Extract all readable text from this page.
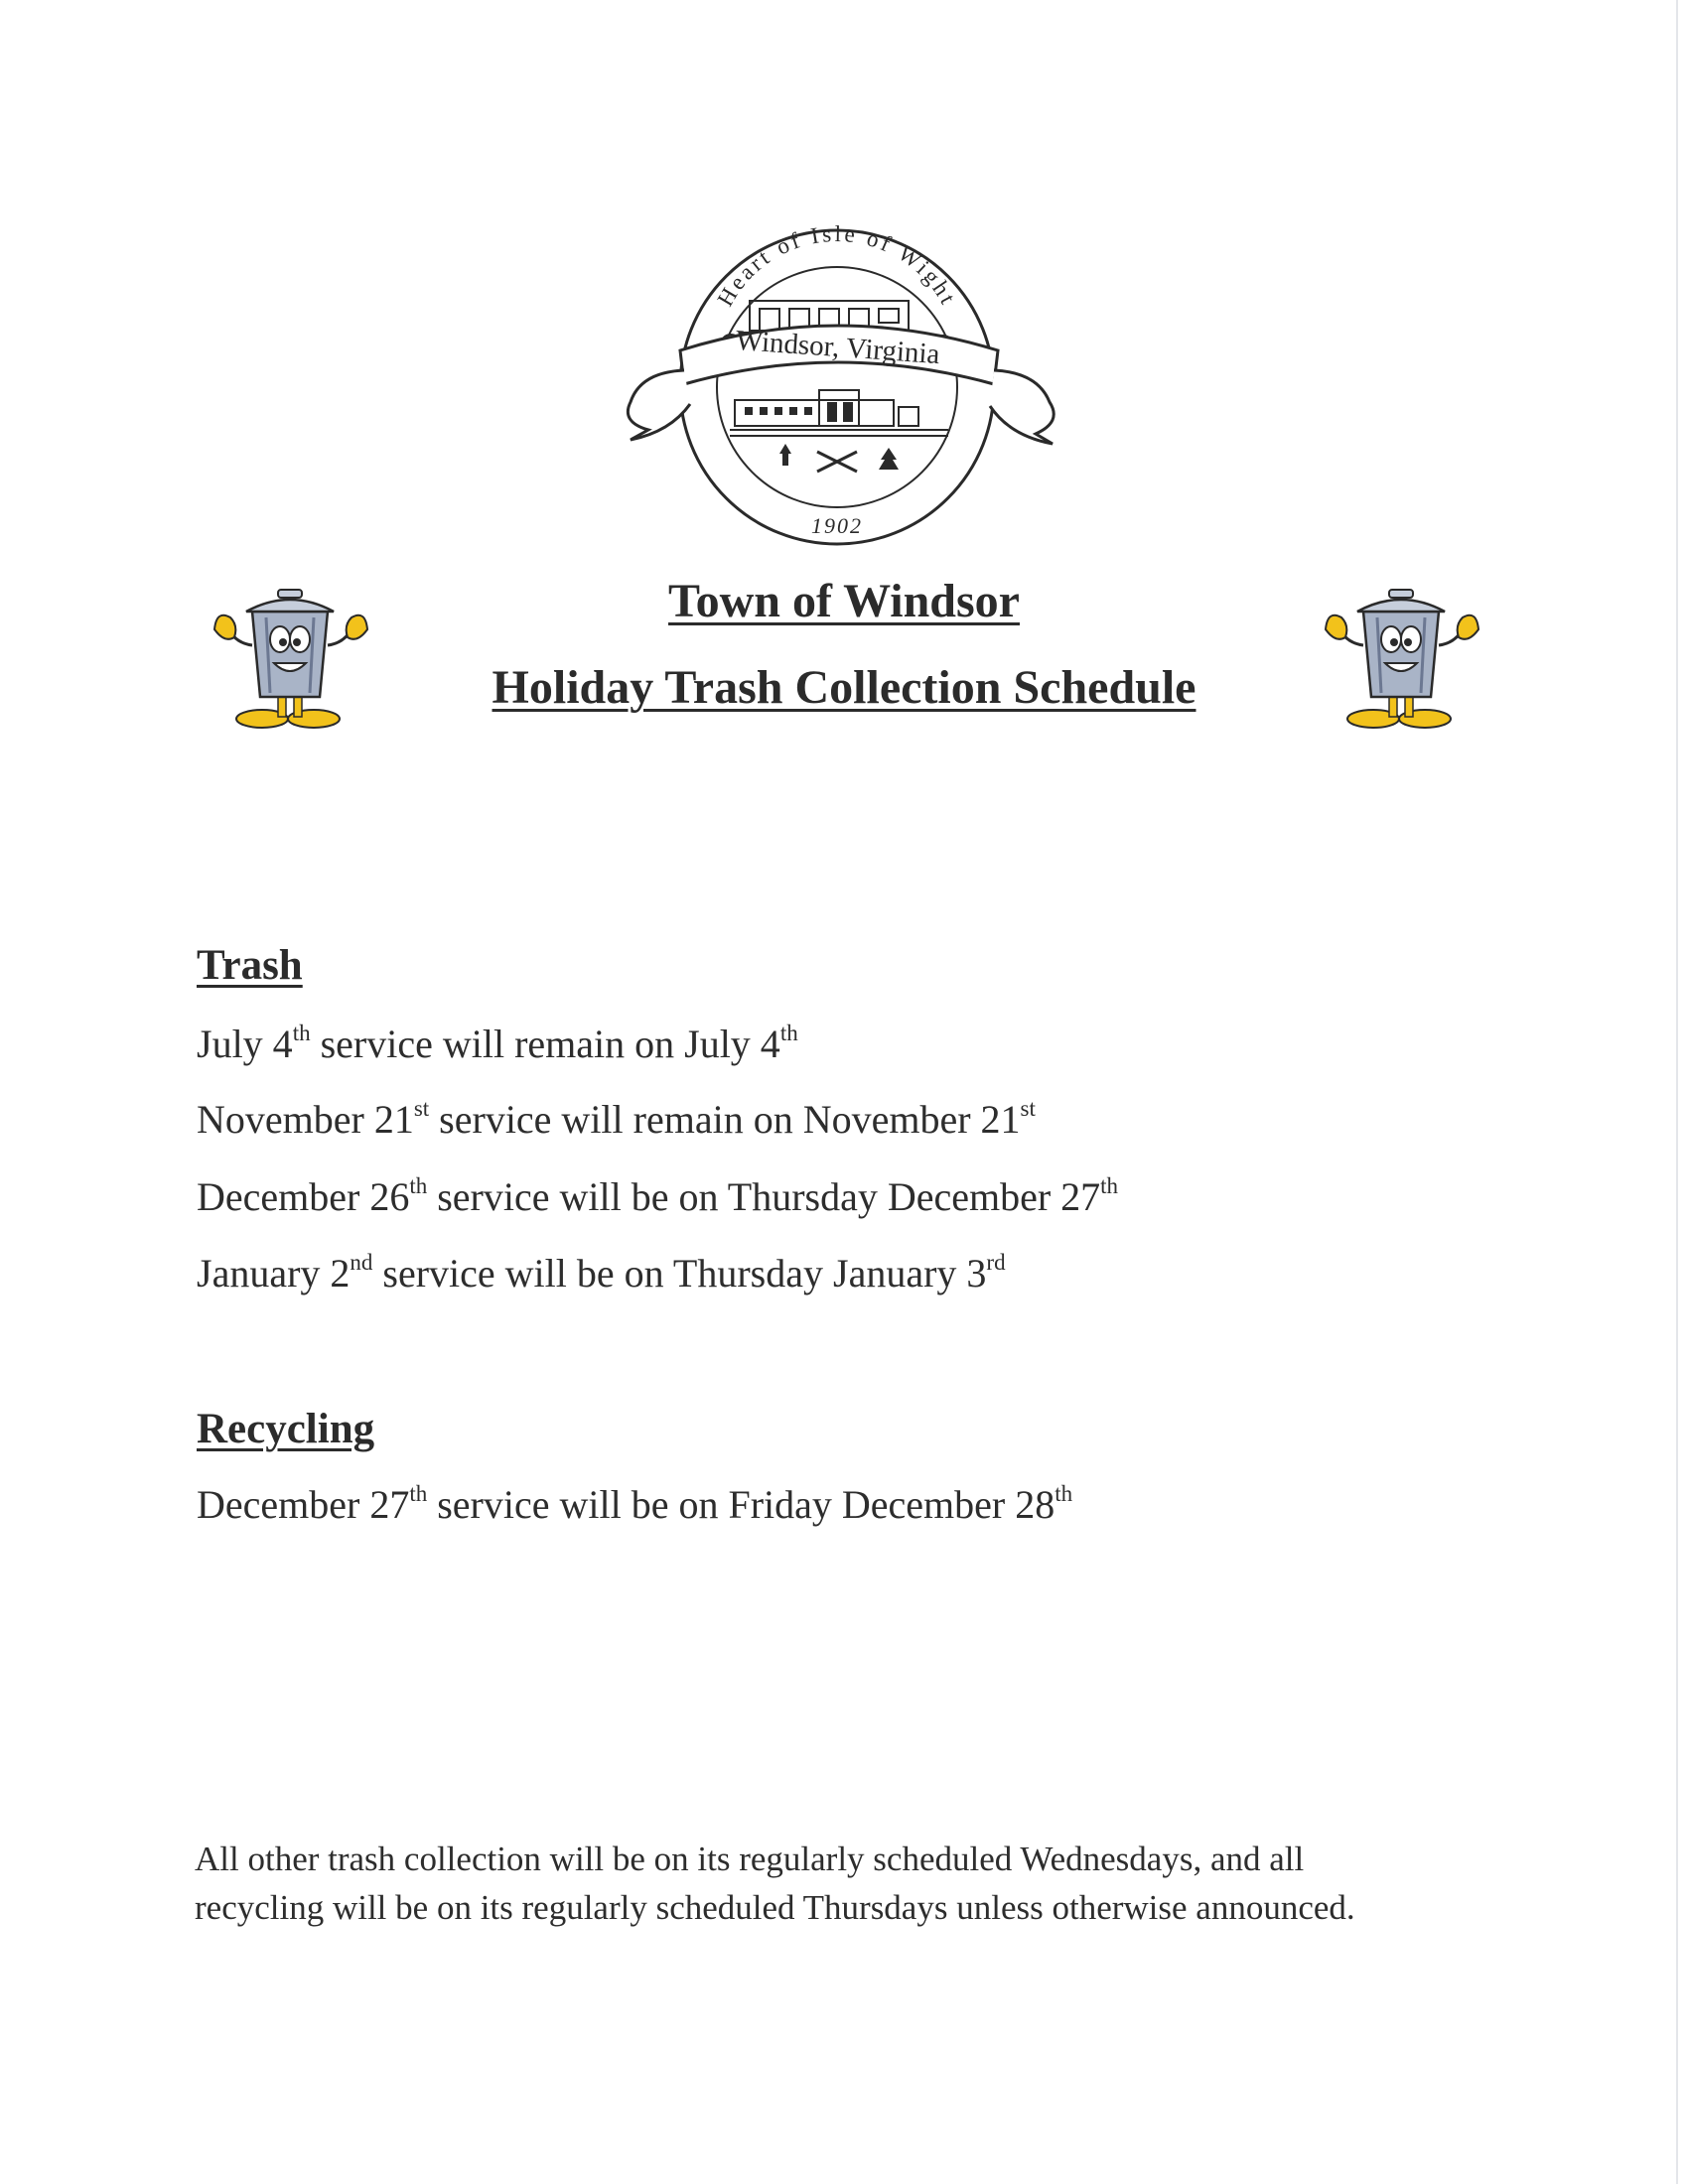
Heart of Isle of Wight
Windsor, Virginia
1902
Town of Windsor
Holiday Trash Collection Schedule
Trash

July 4th service will remain on July 4th

November 21st service will remain on November 21st

December 26th service will be on Thursday December 27th

January 2nd service will be on Thursday January 3rd

Recycling

December 27th service will be on Friday December 28th

All other trash collection will be on its regularly scheduled Wednesdays, and all
recycling will be on its regularly scheduled Thursdays unless otherwise announced.
